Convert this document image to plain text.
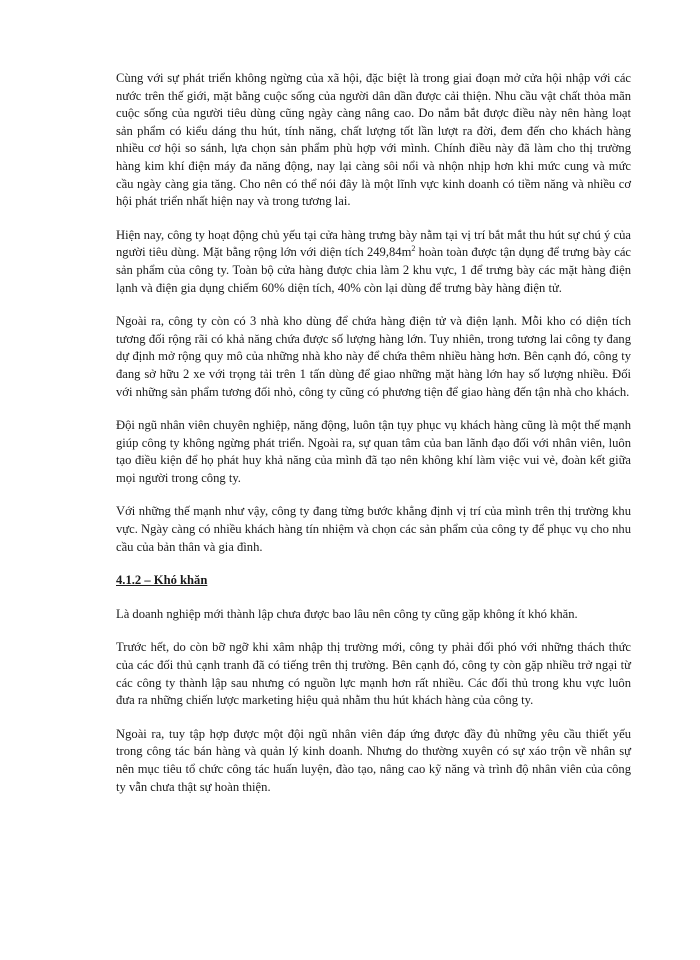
Cùng với sự phát triển không ngừng của xã hội, đặc biệt là trong giai đoạn mở cửa hội nhập với các nước trên thế giới, mặt bằng cuộc sống của người dân dần được cải thiện. Nhu cầu vật chất thỏa mãn cuộc sống của người tiêu dùng cũng ngày càng nâng cao. Do nắm bắt được điều này nên hàng loạt sản phẩm có kiểu dáng thu hút, tính năng, chất lượng tốt lần lượt ra đời, đem đến cho khách hàng nhiều cơ hội so sánh, lựa chọn sản phẩm phù hợp với mình. Chính điều này đã làm cho thị trường hàng kim khí điện máy đa năng động, nay lại càng sôi nổi và nhộn nhịp hơn khi mức cung và mức cầu ngày càng gia tăng. Cho nên có thể nói đây là một lĩnh vực kinh doanh có tiềm năng và nhiều cơ hội phát triển nhất hiện nay và trong tương lai.

Hiện nay, công ty hoạt động chủ yếu tại cửa hàng trưng bày nằm tại vị trí bắt mắt thu hút sự chú ý của người tiêu dùng. Mặt bằng rộng lớn với diện tích $249,84m^2$ hoàn toàn được tận dụng để trưng bày các sản phẩm của công ty. Toàn bộ cửa hàng được chia làm 2 khu vực, 1 để trưng bày các mặt hàng điện lạnh và điện gia dụng chiếm 60% diện tích, 40% còn lại dùng để trưng bày hàng điện tử.

Ngoài ra, công ty còn có 3 nhà kho dùng để chứa hàng điện tử và điện lạnh. Mỗi kho có diện tích tương đối rộng rãi có khả năng chứa được số lượng hàng lớn. Tuy nhiên, trong tương lai công ty đang dự định mở rộng quy mô của những nhà kho này để chứa thêm nhiều hàng hơn. Bên cạnh đó, công ty đang sở hữu 2 xe với trọng tải trên 1 tấn dùng để giao những mặt hàng lớn hay số lượng nhiều. Đối với những sản phẩm tương đối nhỏ, công ty cũng có phương tiện để giao hàng đến tận nhà cho khách.

Đội ngũ nhân viên chuyên nghiệp, năng động, luôn tận tụy phục vụ khách hàng cũng là một thế mạnh giúp công ty không ngừng phát triển. Ngoài ra, sự quan tâm của ban lãnh đạo đối với nhân viên, luôn tạo điều kiện để họ phát huy khả năng của mình đã tạo nên không khí làm việc vui vẻ, đoàn kết giữa mọi người trong công ty.

Với những thế mạnh như vậy, công ty đang từng bước khẳng định vị trí của mình trên thị trường khu vực. Ngày càng có nhiều khách hàng tín nhiệm và chọn các sản phẩm của công ty để phục vụ cho nhu cầu của bản thân và gia đình.

4.1.2 – Khó khăn

Là doanh nghiệp mới thành lập chưa được bao lâu nên công ty cũng gặp không ít khó khăn.

Trước hết, do còn bỡ ngỡ khi xâm nhập thị trường mới, công ty phải đối phó với những thách thức của các đối thủ cạnh tranh đã có tiếng trên thị trường. Bên cạnh đó, công ty còn gặp nhiều trở ngại từ các công ty thành lập sau nhưng có nguồn lực mạnh hơn rất nhiều. Các đối thủ trong khu vực luôn đưa ra những chiến lược marketing hiệu quả nhằm thu hút khách hàng của công ty.

Ngoài ra, tuy tập hợp được một đội ngũ nhân viên đáp ứng được đầy đủ những yêu cầu thiết yếu trong công tác bán hàng và quản lý kinh doanh. Nhưng do thường xuyên có sự xáo trộn về nhân sự nên mục tiêu tổ chức công tác huấn luyện, đào tạo, nâng cao kỹ năng và trình độ nhân viên của công ty vẫn chưa thật sự hoàn thiện.
